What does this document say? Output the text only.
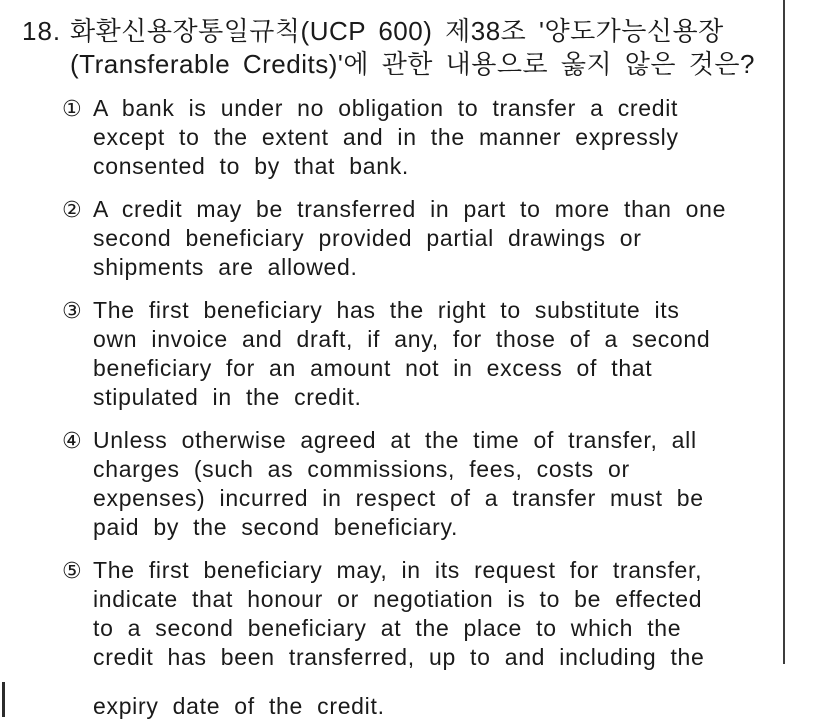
18. 화환신용장통일규칙(UCP 600) 제38조 '양도가능신용장
(Transferable Credits)'에 관한 내용으로 옳지 않은 것은?
① A bank is under no obligation to transfer a credit
except to the extent and in the manner expressly
consented to by that bank.
② A credit may be transferred in part to more than one
second beneficiary provided partial drawings or
shipments are allowed.
③ The first beneficiary has the right to substitute its
own invoice and draft, if any, for those of a second
beneficiary for an amount not in excess of that
stipulated in the credit.
④ Unless otherwise agreed at the time of transfer, all
charges (such as commissions, fees, costs or
expenses) incurred in respect of a transfer must be
paid by the second beneficiary.
⑤ The first beneficiary may, in its request for transfer,
indicate that honour or negotiation is to be effected
to a second beneficiary at the place to which the
credit has been transferred, up to and including the
expiry date of the credit.
